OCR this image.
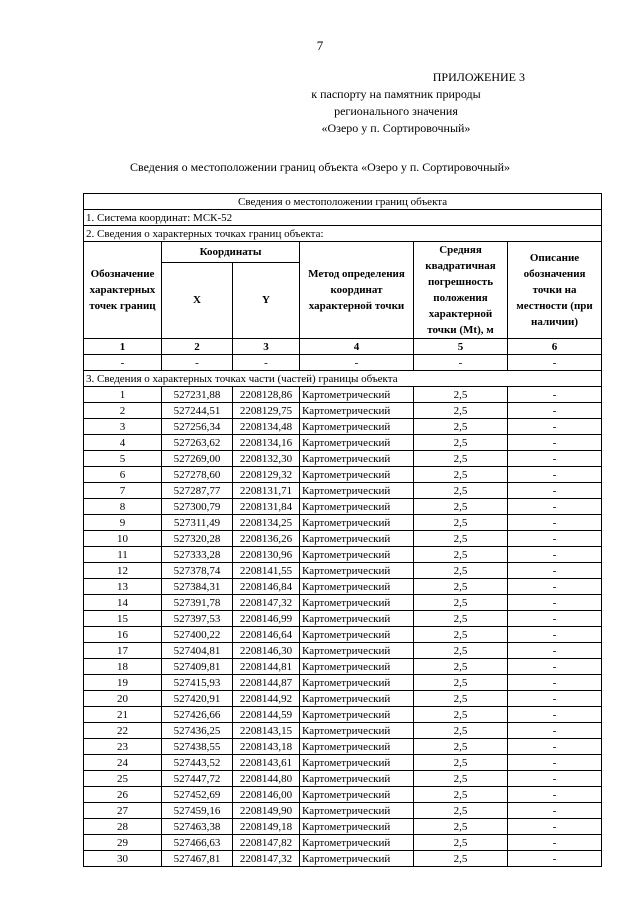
7
ПРИЛОЖЕНИЕ 3
к паспорту на памятник природы
регионального значения
«Озеро у п. Сортировочный»
Сведения о местоположении границ объекта «Озеро у п. Сортировочный»
Сведения о местоположении границ объекта					
1. Система координат: МСК-52					
2. Сведения о характерных точках границ объекта:					
Обозначение характерных точек границ	Координаты		Метод определения координат характерной точки	Средняя квадратичная погрешность положения характерной точки (Mt), м	Описание обозначения точки на местности (при наличии)
	X	Y			
1	2	3	4	5	6
-	-	-	-	-	-
3. Сведения о характерных точках части (частей) границы объекта					
1	527231,88	2208128,86	Картометрический	2,5	-
2	527244,51	2208129,75	Картометрический	2,5	-
3	527256,34	2208134,48	Картометрический	2,5	-
4	527263,62	2208134,16	Картометрический	2,5	-
5	527269,00	2208132,30	Картометрический	2,5	-
6	527278,60	2208129,32	Картометрический	2,5	-
7	527287,77	2208131,71	Картометрический	2,5	-
8	527300,79	2208131,84	Картометрический	2,5	-
9	527311,49	2208134,25	Картометрический	2,5	-
10	527320,28	2208136,26	Картометрический	2,5	-
11	527333,28	2208130,96	Картометрический	2,5	-
12	527378,74	2208141,55	Картометрический	2,5	-
13	527384,31	2208146,84	Картометрический	2,5	-
14	527391,78	2208147,32	Картометрический	2,5	-
15	527397,53	2208146,99	Картометрический	2,5	-
16	527400,22	2208146,64	Картометрический	2,5	-
17	527404,81	2208146,30	Картометрический	2,5	-
18	527409,81	2208144,81	Картометрический	2,5	-
19	527415,93	2208144,87	Картометрический	2,5	-
20	527420,91	2208144,92	Картометрический	2,5	-
21	527426,66	2208144,59	Картометрический	2,5	-
22	527436,25	2208143,15	Картометрический	2,5	-
23	527438,55	2208143,18	Картометрический	2,5	-
24	527443,52	2208143,61	Картометрический	2,5	-
25	527447,72	2208144,80	Картометрический	2,5	-
26	527452,69	2208146,00	Картометрический	2,5	-
27	527459,16	2208149,90	Картометрический	2,5	-
28	527463,38	2208149,18	Картометрический	2,5	-
29	527466,63	2208147,82	Картометрический	2,5	-
30	527467,81	2208147,32	Картометрический	2,5	-
